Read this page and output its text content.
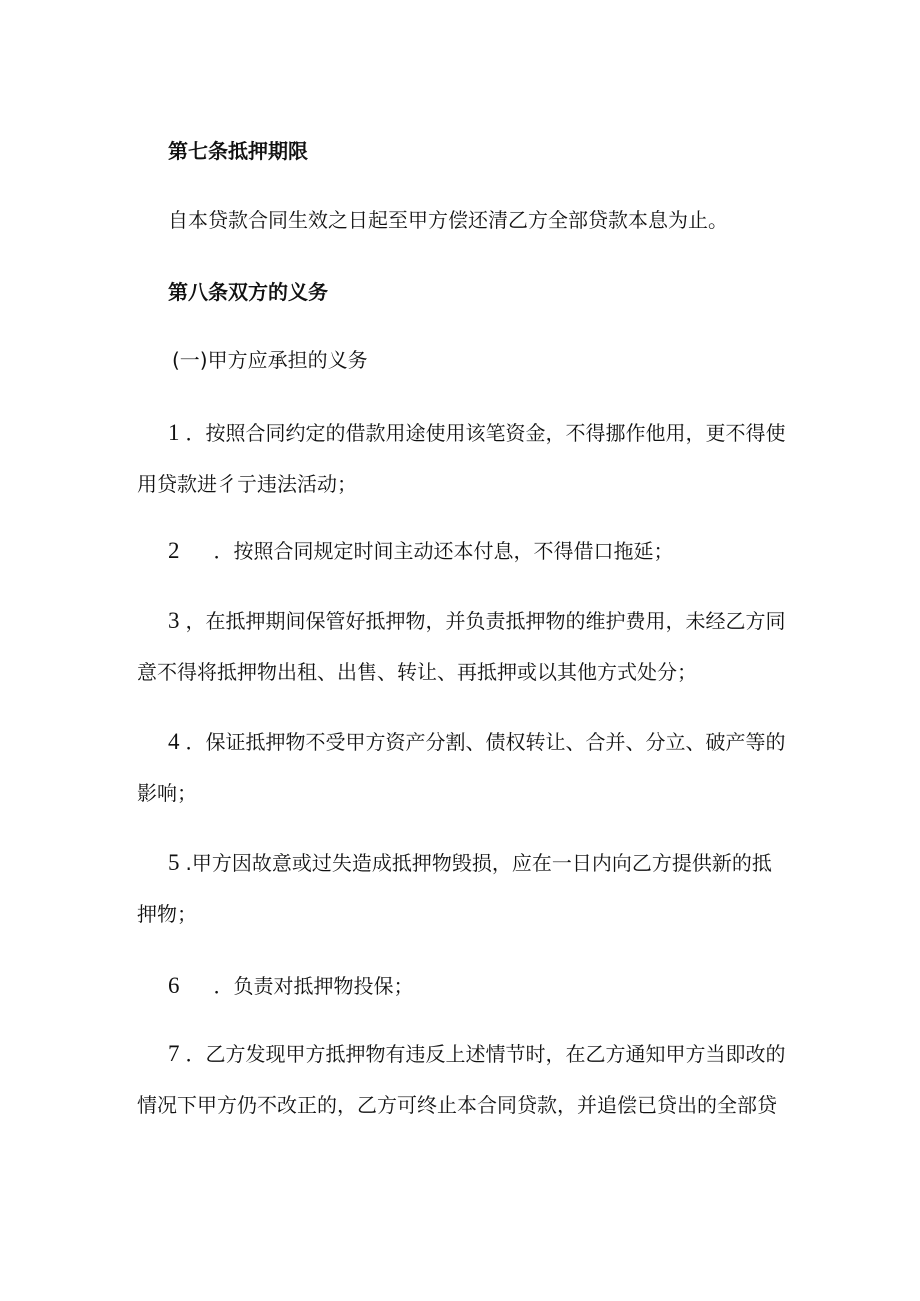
第七条抵押期限
自本贷款合同生效之日起至甲方偿还清乙方全部贷款本息为止。
第八条双方的义务
(一)甲方应承担的义务
1 ．按照合同约定的借款用途使用该笔资金，不得挪作他用，更不得使
用贷款进彳亍违法活动；
2 ．按照合同规定时间主动还本付息，不得借口拖延；
3 ，在抵押期间保管好抵押物，并负责抵押物的维护费用，未经乙方同
意不得将抵押物出租、出售、转让、再抵押或以其他方式处分；
4 ．保证抵押物不受甲方资产分割、债权转让、合并、分立、破产等的
影响；
5 .甲方因故意或过失造成抵押物毁损，应在一日内向乙方提供新的抵
押物；
6 ．负责对抵押物投保；
7 ．乙方发现甲方抵押物有违反上述情节时，在乙方通知甲方当即改的
情况下甲方仍不改正的，乙方可终止本合同贷款，并追偿已贷出的全部贷
